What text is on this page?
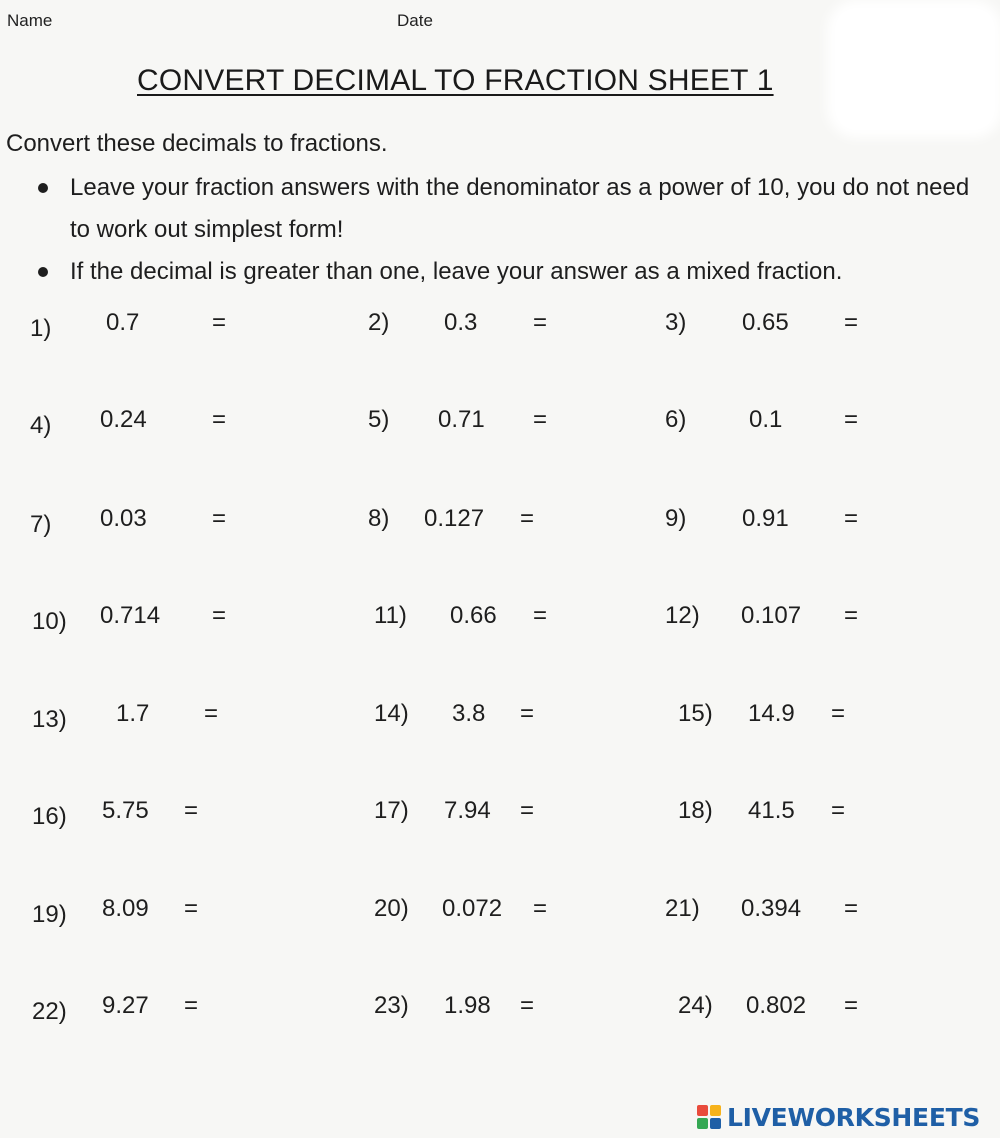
Name	Date
CONVERT DECIMAL TO FRACTION SHEET 1
Convert these decimals to fractions.
Leave your fraction answers with the denominator as a power of 10, you do not need to work out simplest form!
If the decimal is greater than one, leave your answer as a mixed fraction.
1) 0.7	=	2) 0.3 =	3) 0.65 =
4) 0.24	=	5) 0.71 =	6)	0.1	=
7) 0.03	=	8) 0.127 =	9) 0.91 =
10) 0.714 =	11) 0.66 =	12) 0.107 =
13) 1.7 =	14) 3.8 =	15) 14.9 =
16) 5.75 =	17) 7.94 =	18) 41.5 =
19) 8.09 =	20) 0.072 =	21) 0.394 =
22) 9.27 =	23) 1.98 =	24) 0.802 =
LIVEWORKSHEETS
